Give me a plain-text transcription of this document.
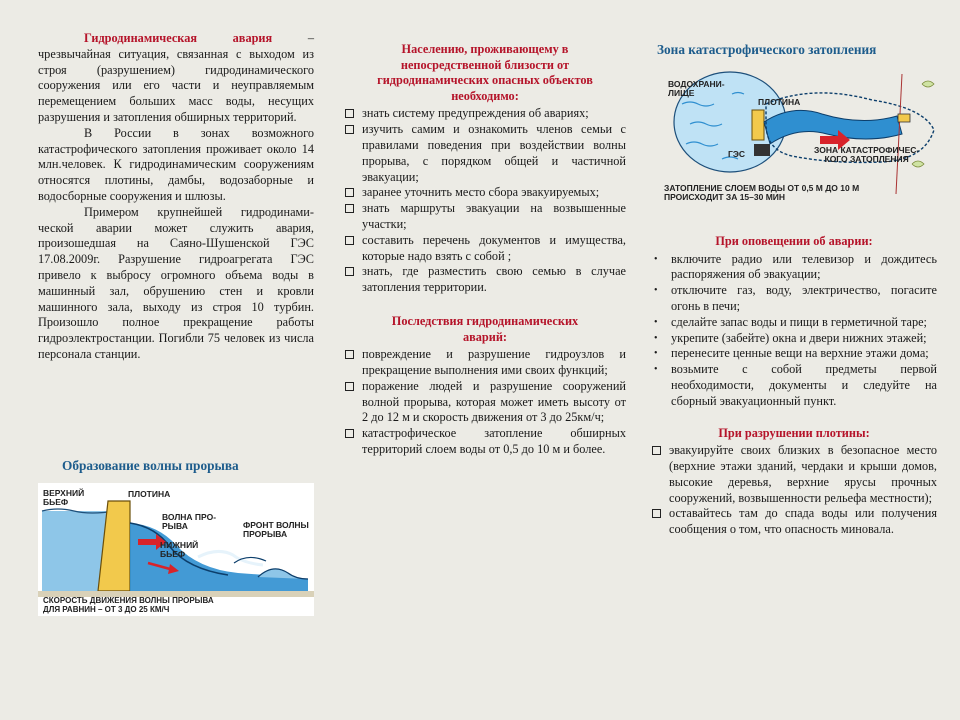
Гидродинамическая авария – чрезвычайная ситуация, связанная с выходом из строя (разрушением) гидродинамического сооружения или его части и неуправляемым перемещением больших масс воды, несущих разрушения и затопления обширных территорий.

В России в зонах возможного катастрофического затопления проживает около 14 млн.человек. К гидродинамическим сооружениям относятся плотины, дамбы, водозаборные и водосборные сооружения и шлюзы.

Примером крупнейшей гидродинами-ческой аварии может служить авария, произошедшая на Саяно-Шушенской ГЭС 17.08.2009г. Разрушение гидроагрегата ГЭС привело к выбросу огромного объема воды в машинный зал, обрушению стен и кровли машинного зала, выходу из строя 10 турбин. Произошло полное прекращение работы гидроэлектростанции. Погибли 75 человек из числа персонала станции.

Образование волны прорыва
ВЕРХНИЙ
БЬЕФ
ПЛОТИНА
ВОЛНА ПРО-
РЫВА	ФРОНТ ВОЛНЫ
ПРОРЫВА
НИЖНИЙ
БЬЕФ
СКОРОСТЬ ДВИЖЕНИЯ ВОЛНЫ ПРОРЫВА
ДЛЯ РАВНИН – ОТ 3 ДО 25 КМ/Ч
Населению, проживающему в непосредственной близости от гидродинамических опасных объектов необходимо:
знать систему предупреждения об авариях;
изучить самим и ознакомить членов семьи с правилами поведения при воздействии волны прорыва, с порядком общей и частичной эвакуации;
заранее уточнить место сбора эвакуируемых;
знать маршруты эвакуации на возвышенные участки;
составить перечень документов и имущества, которые надо взять с собой ;
знать, где разместить свою семью в случае затопления территории.
Последствия гидродинамических аварий:
повреждение и разрушение гидроузлов и прекращение выполнения ими своих функций;
поражение людей и разрушение сооружений волной прорыва, которая может иметь высоту от 2 до 12 м и скорость движения от 3 до 25км/ч;
катастрофическое затопление обширных территорий слоем воды от 0,5 до 10 м и более.
Зона катастрофического затопления
ВОДОХРАНИ-
ЛИЩЕ
ПЛОТИНА
ГЭС	ЗОНА КАТАСТРОФИЧЕС-
КОГО ЗАТОПЛЕНИЯ
ЗАТОПЛЕНИЕ СЛОЕМ ВОДЫ ОТ 0,5 М ДО 10 М
ПРОИСХОДИТ ЗА 15–30 МИН
При оповещении об аварии:
• включите радио или телевизор и дождитесь распоряжения об эвакуации;
• отключите газ, воду, электричество, погасите огонь в печи;
• сделайте запас воды и пищи в герметичной таре;
• укрепите (забейте) окна и двери нижних этажей;
• перенесите ценные вещи на верхние этажи дома;
• возьмите с собой предметы первой необходимости, документы и следуйте на сборный эвакуационный пункт.
При разрушении плотины:
эвакуируйте своих близких в безопасное место (верхние этажи зданий, чердаки и крыши домов, высокие деревья, верхние ярусы прочных сооружений, возвышенности рельефа местности);
оставайтесь там до спада воды или получения сообщения о том, что опасность миновала.
